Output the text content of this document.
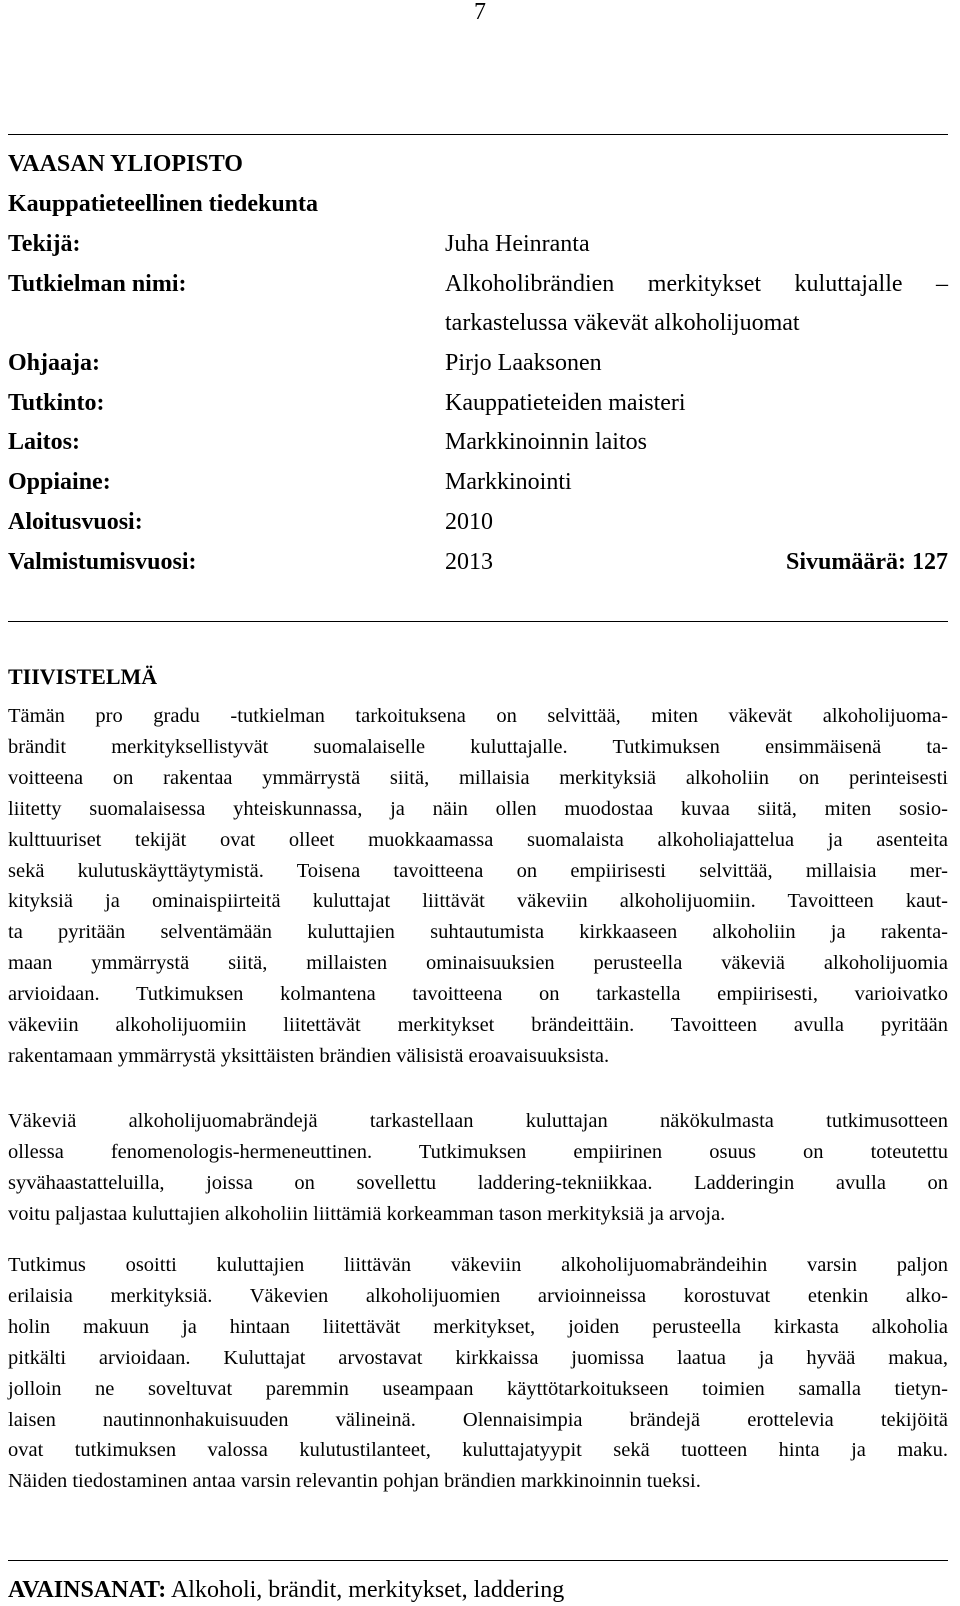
7
VAASAN YLIOPISTO
Kauppatieteellinen tiedekunta
Tekijä:	Juha Heinranta
Tutkielman nimi:	Alkoholibrändien merkitykset kuluttajalle –
tarkastelussa väkevät alkoholijuomat
Ohjaaja:	Pirjo Laaksonen
Tutkinto:	Kauppatieteiden maisteri
Laitos:	Markkinoinnin laitos
Oppiaine:	Markkinointi
Aloitusvuosi:	2010
Valmistumisvuosi:	2013	Sivumäärä: 127
TIIVISTELMÄ
Tämän pro gradu -tutkielman tarkoituksena on selvittää, miten väkevät alkoholijuoma-
brändit merkityksellistyvät suomalaiselle kuluttajalle. Tutkimuksen ensimmäisenä ta-
voitteena on rakentaa ymmärrystä siitä, millaisia merkityksiä alkoholiin on perinteisesti
liitetty suomalaisessa yhteiskunnassa, ja näin ollen muodostaa kuvaa siitä, miten sosio-
kulttuuriset tekijät ovat olleet muokkaamassa suomalaista alkoholiajattelua ja asenteita
sekä kulutuskäyttäytymistä. Toisena tavoitteena on empiirisesti selvittää, millaisia mer-
kityksiä ja ominaispiirteitä kuluttajat liittävät väkeviin alkoholijuomiin. Tavoitteen kaut-
ta pyritään selventämään kuluttajien suhtautumista kirkkaaseen alkoholiin ja rakenta-
maan ymmärrystä siitä, millaisten ominaisuuksien perusteella väkeviä alkoholijuomia
arvioidaan. Tutkimuksen kolmantena tavoitteena on tarkastella empiirisesti, varioivatko
väkeviin alkoholijuomiin liitettävät merkitykset brändeittäin. Tavoitteen avulla pyritään
rakentamaan ymmärrystä yksittäisten brändien välisistä eroavaisuuksista.
Väkeviä alkoholijuomabrändejä tarkastellaan kuluttajan näkökulmasta tutkimusotteen
ollessa fenomenologis-hermeneuttinen. Tutkimuksen empiirinen osuus on toteutettu
syvähaastatteluilla, joissa on sovellettu laddering-tekniikkaa. Ladderingin avulla on
voitu paljastaa kuluttajien alkoholiin liittämiä korkeamman tason merkityksiä ja arvoja.
Tutkimus osoitti kuluttajien liittävän väkeviin alkoholijuomabrändeihin varsin paljon
erilaisia merkityksiä. Väkevien alkoholijuomien arvioinneissa korostuvat etenkin alko-
holin makuun ja hintaan liitettävät merkitykset, joiden perusteella kirkasta alkoholia
pitkälti arvioidaan. Kuluttajat arvostavat kirkkaissa juomissa laatua ja hyvää makua,
jolloin ne soveltuvat paremmin useampaan käyttötarkoitukseen toimien samalla tietyn-
laisen nautinnonhakuisuuden välineinä. Olennaisimpia brändejä erottelevia tekijöitä
ovat tutkimuksen valossa kulutustilanteet, kuluttajatyypit sekä tuotteen hinta ja maku.
Näiden tiedostaminen antaa varsin relevantin pohjan brändien markkinoinnin tueksi.
AVAINSANAT: Alkoholi, brändit, merkitykset, laddering
